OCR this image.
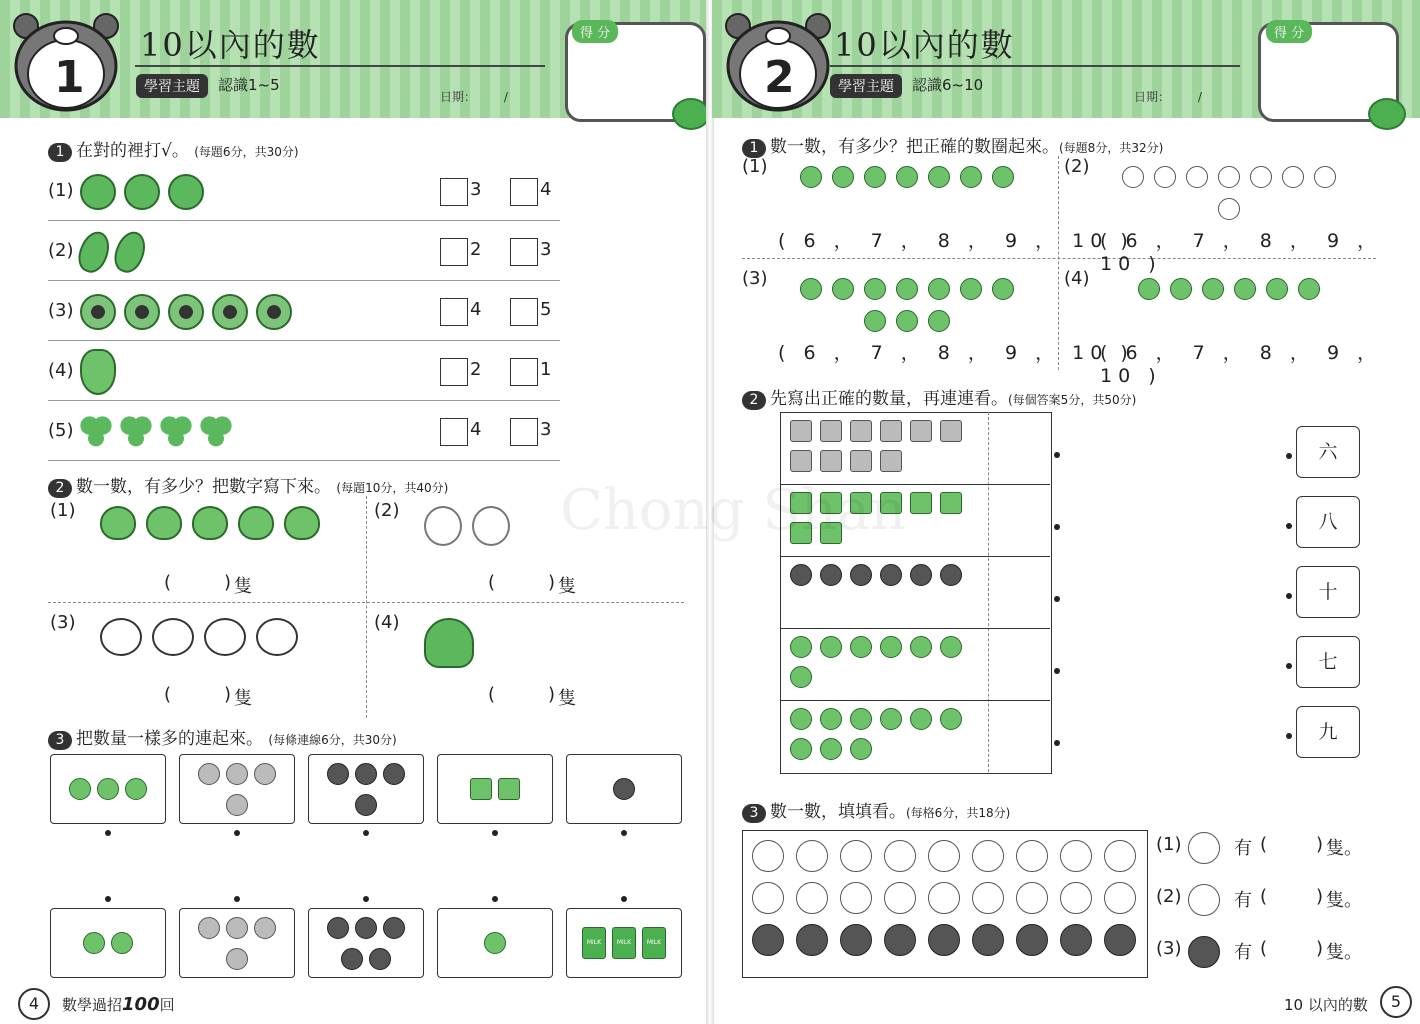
1
10以內的數
學習主題	認識1~5
日期： /
得 分
1 在對的裡打√。 (每題6分，共30分)
(1)	3	4
(2)	2	3
(3)	4	5
(4)	2	1
(5)	4	3
2 數一數，有多少？把數字寫下來。 (每題10分，共40分)
(1)
(	) 隻
(2)
(	) 隻
(3)
(	) 隻
(4)
(	) 隻
3 把數量一樣多的連起來。 (每條連線6分，共30分)
MILK	MILK	MILK
4	數學過招100回
2
10以內的數
學習主題	認識6~10
日期： /
得 分
1 數一數，有多少？把正確的數圈起來。(每題8分，共32分)
(1)
( 6 ， 7 ， 8 ， 9 ， 10 )
(2)
( 6 ， 7 ， 8 ， 9 ， 10 )
(3)
( 6 ， 7 ， 8 ， 9 ， 10 )
(4)
( 6 ， 7 ， 8 ， 9 ， 10 )
2 先寫出正確的數量，再連連看。(每個答案5分，共50分)
六
八
十
七
九
3 數一數，填填看。(每格6分，共18分)
(1)	有 (	) 隻。
(2)	有 (	) 隻。
(3)	有 (	) 隻。
10 以內的數	5
Chong Shan
